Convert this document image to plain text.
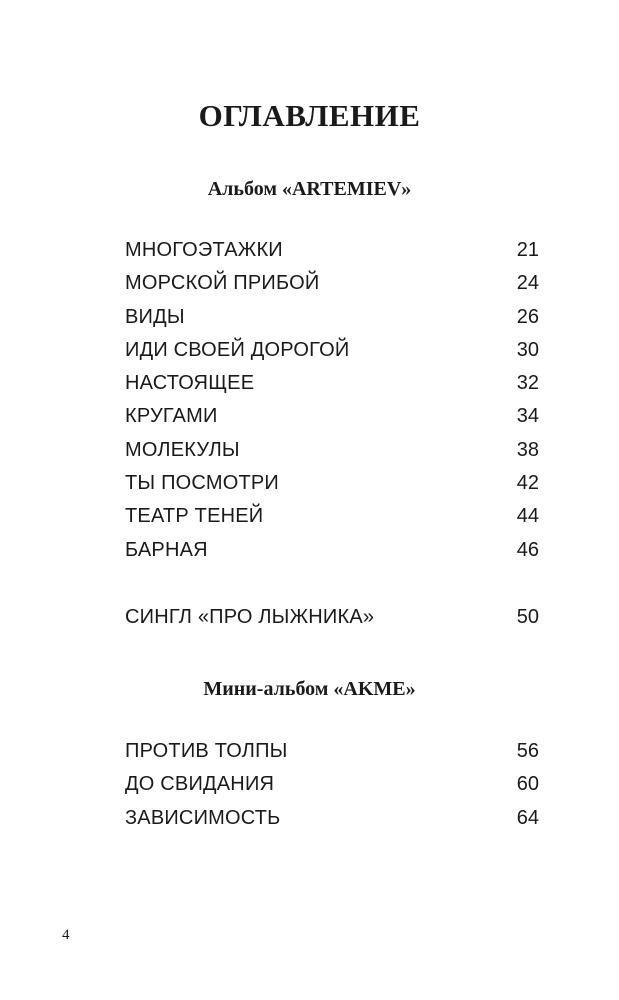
ОГЛАВЛЕНИЕ
Альбом «ARTEMIEV»
МНОГОЭТАЖКИ	21
МОРСКОЙ ПРИБОЙ	24
ВИДЫ	26
ИДИ СВОЕЙ ДОРОГОЙ	30
НАСТОЯЩЕЕ	32
КРУГАМИ	34
МОЛЕКУЛЫ	38
ТЫ ПОСМОТРИ	42
ТЕАТР ТЕНЕЙ	44
БАРНАЯ	46
СИНГЛ «ПРО ЛЫЖНИКА»	50
Мини-альбом «AKME»
ПРОТИВ ТОЛПЫ	56
ДО СВИДАНИЯ	60
ЗАВИСИМОСТЬ	64
4
